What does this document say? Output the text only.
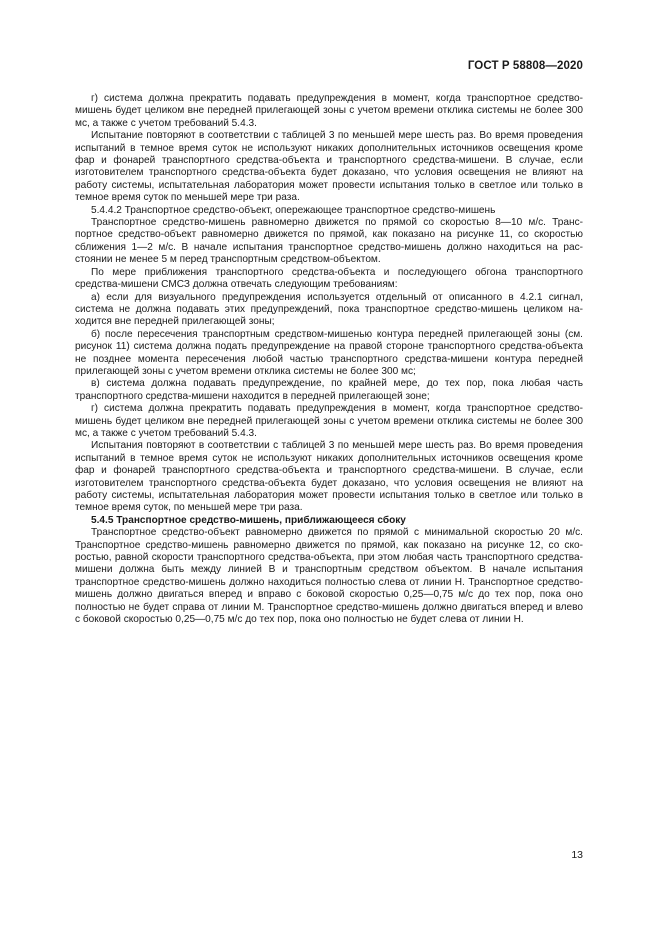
ГОСТ Р 58808—2020

г) система должна прекратить подавать предупреждения в момент, когда транспортное средство-мишень будет целиком вне передней прилегающей зоны с учетом времени отклика системы не более 300 мс, а также с учетом требований 5.4.3.

Испытание повторяют в соответствии с таблицей 3 по меньшей мере шесть раз. Во время проведения испытаний в темное время суток не используют никаких дополнительных источников освещения кроме фар и фонарей транспортного средства-объекта и транспортного средства-мишени. В случае, если изготовителем транспортного средства-объекта будет доказано, что условия освещения не влияют на работу системы, испытательная лаборатория может провести испытания только в светлое или только в темное время суток по меньшей мере три раза.

5.4.4.2 Транспортное средство-объект, опережающее транспортное средство-мишень

Транспортное средство-мишень равномерно движется по прямой со скоростью 8—10 м/с. Транспортное средство-объект равномерно движется по прямой, как показано на рисунке 11, со скоростью сближения 1—2 м/с. В начале испытания транспортное средство-мишень должно находиться на расстоянии не менее 5 м перед транспортным средством-объектом.

По мере приближения транспортного средства-объекта и последующего обгона транспортного средства-мишени СМСЗ должна отвечать следующим требованиям:

а) если для визуального предупреждения используется отдельный от описанного в 4.2.1 сигнал, система не должна подавать этих предупреждений, пока транспортное средство-мишень целиком находится вне передней прилегающей зоны;

б) после пересечения транспортным средством-мишенью контура передней прилегающей зоны (см. рисунок 11) система должна подать предупреждение на правой стороне транспортного средства-объекта не позднее момента пересечения любой частью транспортного средства-мишени контура передней прилегающей зоны с учетом времени отклика системы не более 300 мс;

в) система должна подавать предупреждение, по крайней мере, до тех пор, пока любая часть транспортного средства-мишени находится в передней прилегающей зоне;

г) система должна прекратить подавать предупреждения в момент, когда транспортное средство-мишень будет целиком вне передней прилегающей зоны с учетом времени отклика системы не более 300 мс, а также с учетом требований 5.4.3.

Испытания повторяют в соответствии с таблицей 3 по меньшей мере шесть раз. Во время проведения испытаний в темное время суток не используют никаких дополнительных источников освещения кроме фар и фонарей транспортного средства-объекта и транспортного средства-мишени. В случае, если изготовителем транспортного средства-объекта будет доказано, что условия освещения не влияют на работу системы, испытательная лаборатория может провести испытания только в светлое или только в темное время суток, по меньшей мере три раза.

5.4.5 Транспортное средство-мишень, приближающееся сбоку

Транспортное средство-объект равномерно движется по прямой с минимальной скоростью 20 м/с. Транспортное средство-мишень равномерно движется по прямой, как показано на рисунке 12, со скоростью, равной скорости транспортного средства-объекта, при этом любая часть транспортного средства-мишени должна быть между линией В и транспортным средством объектом. В начале испытания транспортное средство-мишень должно находиться полностью слева от линии Н. Транспортное средство-мишень должно двигаться вперед и вправо с боковой скоростью 0,25—0,75 м/с до тех пор, пока оно полностью не будет справа от линии М. Транспортное средство-мишень должно двигаться вперед и влево с боковой скоростью 0,25—0,75 м/с до тех пор, пока оно полностью не будет слева от линии Н.

13
